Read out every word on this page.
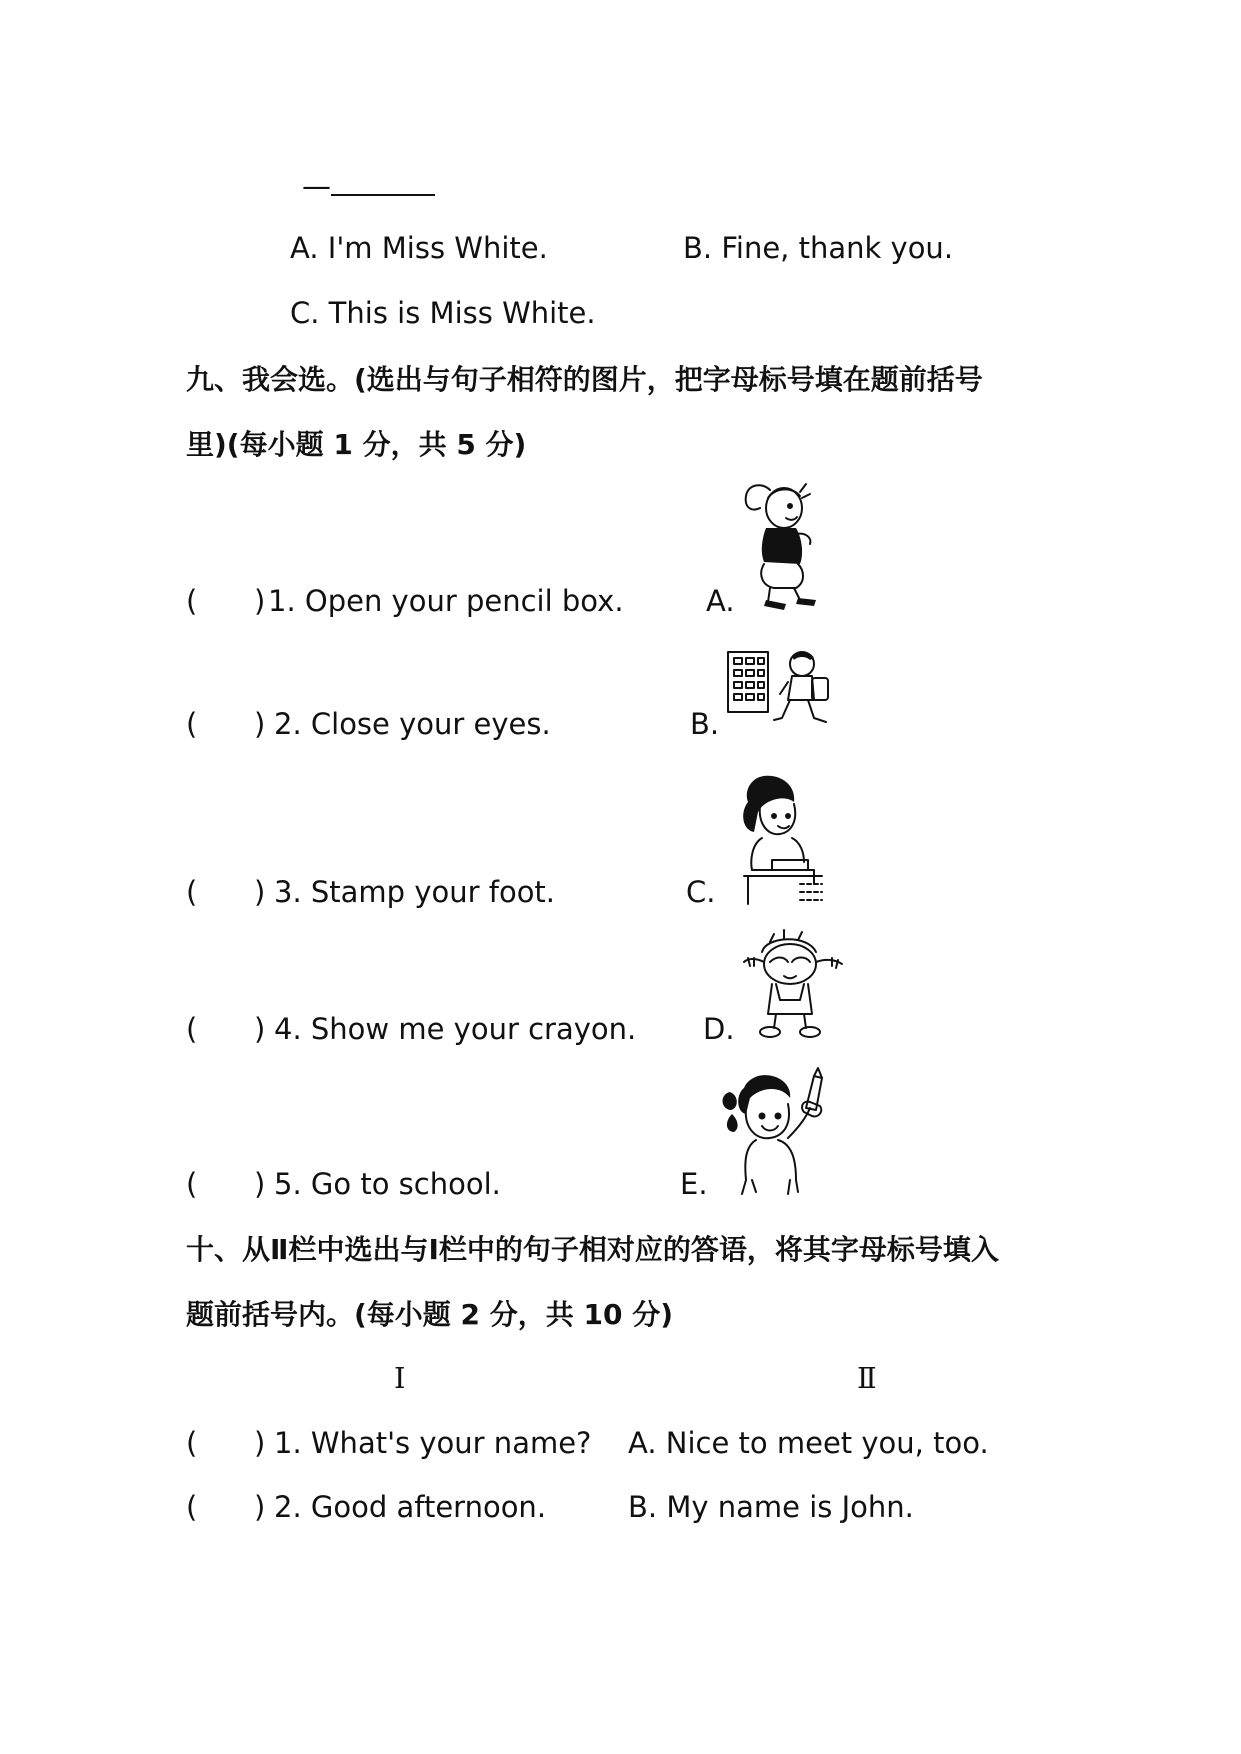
—
A. I'm Miss White.	B. Fine, thank you.
C. This is Miss White.
九、我会选。(选出与句子相符的图片，把字母标号填在题前括号
里)(每小题 1 分，共 5 分)
( ) 1. Open your pencil box.	A.
( ) 2. Close your eyes.	B.
( ) 3. Stamp your foot.	C.
( ) 4. Show me your crayon. D.
( ) 5. Go to school.	E.
十、从Ⅱ栏中选出与Ⅰ栏中的句子相对应的答语，将其字母标号填入
题前括号内。(每小题 2 分，共 10 分)
Ⅰ	Ⅱ
( ) 1. What's your name? A. Nice to meet you, too.
( ) 2. Good afternoon.	B. My name is John.
